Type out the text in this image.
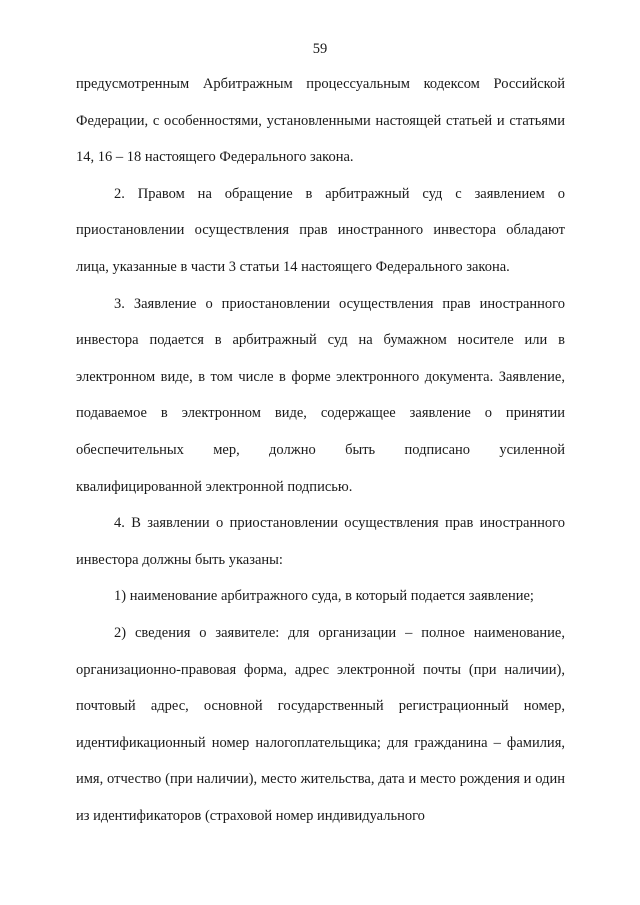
59

предусмотренным Арбитражным процессуальным кодексом Российской Федерации, с особенностями, установленными настоящей статьей и статьями 14, 16 – 18 настоящего Федерального закона.

2. Правом на обращение в арбитражный суд с заявлением о приостановлении осуществления прав иностранного инвестора обладают лица, указанные в части 3 статьи 14 настоящего Федерального закона.

3. Заявление о приостановлении осуществления прав иностранного инвестора подается в арбитражный суд на бумажном носителе или в электронном виде, в том числе в форме электронного документа. Заявление, подаваемое в электронном виде, содержащее заявление о принятии обеспечительных мер, должно быть подписано усиленной квалифицированной электронной подписью.

4. В заявлении о приостановлении осуществления прав иностранного инвестора должны быть указаны:

1) наименование арбитражного суда, в который подается заявление;

2) сведения о заявителе: для организации – полное наименование, организационно-правовая форма, адрес электронной почты (при наличии), почтовый адрес, основной государственный регистрационный номер, идентификационный номер налогоплательщика; для гражданина – фамилия, имя, отчество (при наличии), место жительства, дата и место рождения и один из идентификаторов (страховой номер индивидуального
